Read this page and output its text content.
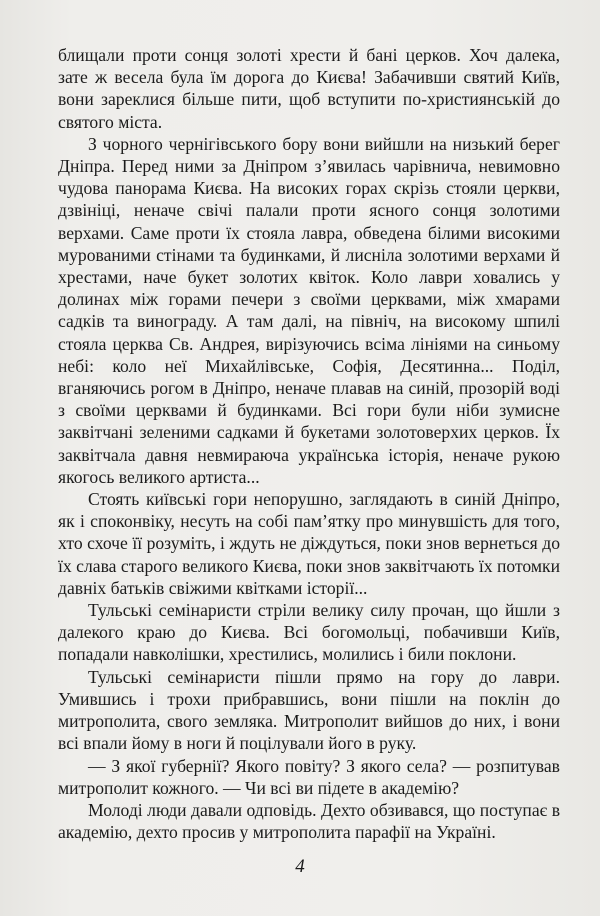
блищали проти сонця золоті хрести й бані церков. Хоч далека, зате ж весела була їм дорога до Києва! Забачивши святий Київ, вони зареклися більше пити, щоб вступити по-християнській до святого міста.

З чорного чернігівського бору вони вийшли на низький берег Дніпра. Перед ними за Дніпром з’явилась чарівнича, невимовно чудова панорама Києва. На високих горах скрізь стояли церкви, дзвініці, неначе свічі палали проти ясного сонця золотими верхами. Саме проти їх стояла лавра, обведена білими високими мурованими стінами та будинками, й лисніла золотими верхами й хрестами, наче букет золотих квіток. Коло лаври ховались у долинах між горами печери з своїми церквами, між хмарами садків та винограду. А там далі, на північ, на високому шпилі стояла церква Св. Андрея, вирізуючись всіма лініями на синьому небі: коло неї Михайлівське, Софія, Десятинна... Поділ, вганяючись рогом в Дніпро, неначе плавав на синій, прозорій воді з своїми церквами й будинками. Всі гори були ніби зумисне заквітчані зеленими садками й букетами золотоверхих церков. Їх заквітчала давня невмираюча українська історія, неначе рукою якогось великого артиста...

Стоять київські гори непорушно, заглядають в синій Дніпро, як і споконвіку, несуть на собі пам’ятку про минувшість для того, хто схоче її розуміть, і ждуть не діждуться, поки знов вернеться до їх слава старого великого Києва, поки знов заквітчають їх потомки давніх батьків свіжими квітками історії...

Тульські семінаристи стріли велику силу прочан, що йшли з далекого краю до Києва. Всі богомольці, побачивши Київ, попадали навколішки, хрестились, молились і били поклони.

Тульські семінаристи пішли прямо на гору до лаври. Умившись і трохи прибравшись, вони пішли на поклін до митрополита, свого земляка. Митрополит вийшов до них, і вони всі впали йому в ноги й поцілували його в руку.

— З якої губернії? Якого повіту? З якого села? — розпитував митрополит кожного. — Чи всі ви підете в академію?

Молоді люди давали одповідь. Дехто обзивався, що поступає в академію, дехто просив у митрополита парафії на Україні.

4
